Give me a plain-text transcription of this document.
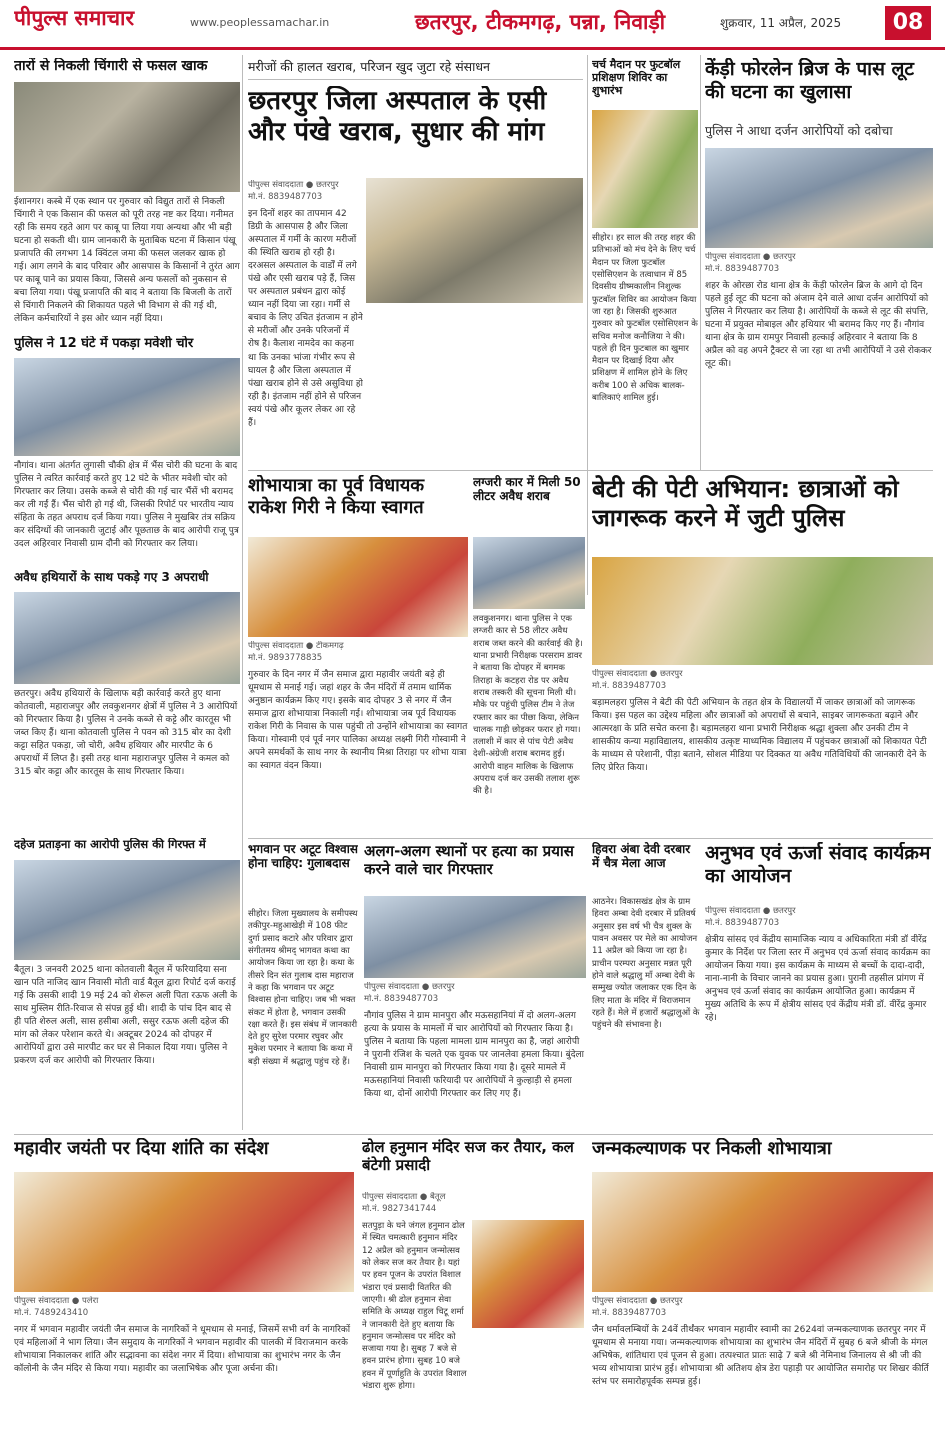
पीपुल्स समाचार	www.peoplessamachar.in	छतरपुर, टीकमगढ़, पन्ना, निवाड़ी	शुक्रवार, 11 अप्रैल, 2025	08
तारों से निकली चिंगारी से फसल खाक
ईशानगर। कस्बे में एक स्थान पर गुरुवार को विद्युत तारों से निकली चिंगारी ने एक किसान की फसल को पूरी तरह नष्ट कर दिया। गनीमत रही कि समय रहते आग पर काबू पा लिया गया अन्यथा और भी बड़ी घटना हो सकती थी। ग्राम जानकारी के मुताबिक घटना में किसान पंखू प्रजापति की लगभग 14 क्विंटल जमा की फसल जलकर खाक हो गई। आग लगने के बाद परिवार और आसपास के किसानों ने तुरंत आग पर काबू पाने का प्रयास किया, जिससे अन्य फसलों को नुकसान से बचा लिया गया। पंखू प्रजापति की बाद ने बताया कि बिजली के तारों से चिंगारी निकलने की शिकायत पहले भी विभाग से की गई थी, लेकिन कर्मचारियों ने इस ओर ध्यान नहीं दिया।
पुलिस ने 12 घंटे में पकड़ा मवेशी चोर
नौगांव। थाना अंतर्गत लुगासी चौकी क्षेत्र में भैंस चोरी की घटना के बाद पुलिस ने त्वरित कार्रवाई करते हुए 12 घंटे के भीतर मवेशी चोर को गिरफ्तार कर लिया। उसके कब्जे से चोरी की गई चार भैंसें भी बरामद कर ली गईं हैं। भैंस चोरी हो गई थी, जिसकी रिपोर्ट पर भारतीय न्याय संहिता के तहत अपराध दर्ज किया गया। पुलिस ने मुखबिर तंत्र सक्रिय कर संदिग्धों की जानकारी जुटाई और पूछताछ के बाद आरोपी राजू पुत्र उदल अहिरवार निवासी ग्राम दौनी को गिरफ्तार कर लिया।
अवैध हथियारों के साथ पकड़े गए 3 अपराधी
छतरपुर। अवैध हथियारों के खिलाफ बड़ी कार्रवाई करते हुए थाना कोतवाली, महाराजपुर और लवकुशनगर क्षेत्रों में पुलिस ने 3 आरोपियों को गिरफ्तार किया है। पुलिस ने उनके कब्जे से कट्टे और कारतूस भी जब्त किए हैं। थाना कोतवाली पुलिस ने पवन को 315 बोर का देशी कट्टा सहित पकड़ा, जो चोरी, अवैध हथियार और मारपीट के 6 अपराधों में लिप्त है। इसी तरह थाना महाराजपुर पुलिस ने कमल को 315 बोर कट्टा और कारतूस के साथ गिरफ्तार किया।
दहेज प्रताड़ना का आरोपी पुलिस की गिरफ्त में
बैतूल। 3 जनवरी 2025 थाना कोतवाली बैतूल में फरियादिया सना खान पति नाजिद खान निवासी मोती वार्ड बैतूल द्वारा रिपोर्ट दर्ज कराई गई कि उसकी शादी 19 मई 24 को शेरूल अली पिता रऊफ अली के साथ मुस्लिम रीति-रिवाज से संपन्न हुई थी। शादी के पांच दिन बाद से ही पति शेरुल अली, सास हसीबा अली, ससुर रऊफ अली दहेज की मांग को लेकर परेशान करते थे। अक्टूबर 2024 को दोपहर में आरोपियों द्वारा उसे मारपीट कर घर से निकाल दिया गया। पुलिस ने प्रकरण दर्ज कर आरोपी को गिरफ्तार किया।
मरीजों की हालत खराब, परिजन खुद जुटा रहे संसाधन
छतरपुर जिला अस्पताल के एसी और पंखे खराब, सुधार की मांग
पीपुल्स संवाददाता ● छतरपुर
मो.नं. 8839487703
इन दिनों शहर का तापमान 42 डिग्री के आसपास है और जिला अस्पताल में गर्मी के कारण मरीजों की स्थिति खराब हो रही है। दरअसल अस्पताल के वार्डों में लगे पंखे और एसी खराब पड़े हैं, जिस पर अस्पताल प्रबंधन द्वारा कोई ध्यान नहीं दिया जा रहा। गर्मी से बचाव के लिए उचित इंतजाम न होने से मरीजों और उनके परिजनों में रोष है। कैलाश नामदेव का कहना था कि उनका भांजा गंभीर रूप से घायल है और जिला अस्पताल में पंखा खराब होने से उसे असुविधा हो रही है। इंतजाम नहीं होने से परिजन स्वयं पंखे और कूलर लेकर आ रहे हैं।
चर्च मैदान पर फुटबॉल प्रशिक्षण शिविर का शुभारंभ
सीहोर। हर साल की तरह शहर की प्रतिभाओं को मंच देने के लिए चर्च मैदान पर जिला फुटबॉल एसोसिएशन के तत्वाधान में 85 दिवसीय ग्रीष्मकालीन निशुल्क फुटबॉल शिविर का आयोजन किया जा रहा है। जिसकी शुरुआत गुरुवार को फुटबॉल एसोसिएशन के सचिव मनोज कनौजिया ने की। पहले ही दिन फुटबाल का खुमार मैदान पर दिखाई दिया और प्रशिक्षण में शामिल होने के लिए करीब 100 से अधिक बालक-बालिकाएं शामिल हुई।
केंड़ी फोरलेन ब्रिज के पास लूट की घटना का खुलासा
पुलिस ने आधा दर्जन आरोपियों को दबोचा
पीपुल्स संवाददाता ● छतरपुर
मो.नं. 8839487703
शहर के ओरछा रोड थाना क्षेत्र के केंड़ी फोरलेन ब्रिज के आगे दो दिन पहले हुई लूट की घटना को अंजाम देने वाले आधा दर्जन आरोपियों को पुलिस ने गिरफ्तार कर लिया है। आरोपियों के कब्जे से लूट की संपत्ति, घटना में प्रयुक्त मोबाइल और हथियार भी बरामद किए गए हैं। नौगांव थाना क्षेत्र के ग्राम रामपुर निवासी हल्काई अहिरवार ने बताया कि 8 अप्रैल को वह अपने ट्रैक्टर से जा रहा था तभी आरोपियों ने उसे रोककर लूट की।
शोभायात्रा का पूर्व विधायक राकेश गिरी ने किया स्वागत
पीपुल्स संवाददाता ● टीकमगढ़
मो.नं. 9893778835
गुरुवार के दिन नगर में जैन समाज द्वारा महावीर जयंती बड़े ही धूमधाम से मनाई गई। जहां शहर के जैन मंदिरों में तमाम धार्मिक अनुष्ठान कार्यक्रम किए गए। इसके बाद दोपहर 3 से नगर में जैन समाज द्वारा शोभायात्रा निकाली गई। शोभायात्रा जब पूर्व विधायक राकेश गिरी के निवास के पास पहुंची तो उन्होंने शोभायात्रा का स्वागत किया। गोस्वामी एवं पूर्व नगर पालिका अध्यक्ष लक्ष्मी गिरी गोस्वामी ने अपने समर्थकों के साथ नगर के स्थानीय मिश्रा तिराहा पर शोभा यात्रा का स्वागत वंदन किया।
लग्जरी कार में मिली 50 लीटर अवैध शराब
लवकुशनगर। थाना पुलिस ने एक लग्जरी कार से 58 लीटर अवैध शराब जब्त करने की कार्रवाई की है। थाना प्रभारी निरीक्षक परसराम डावर ने बताया कि दोपहर में बगमक तिराहा के कटहरा रोड पर अवैध शराब तस्करी की सूचना मिली थी। मौके पर पहुंची पुलिस टीम ने तेज रफ्तार कार का पीछा किया, लेकिन चालक गाड़ी छोड़कर फरार हो गया। तलाशी में कार से पांच पेटी अवैध देशी-अंग्रेजी शराब बरामद हुई। आरोपी वाहन मालिक के खिलाफ अपराध दर्ज कर उसकी तलाश शुरू की है।
बेटी की पेटी अभियान: छात्राओं को जागरूक करने में जुटी पुलिस
पीपुल्स संवाददाता ● छतरपुर
मो.नं. 8839487703
बड़ामलहरा पुलिस ने बेटी की पेटी अभियान के तहत क्षेत्र के विद्यालयों में जाकर छात्राओं को जागरूक किया। इस पहल का उद्देश्य महिला और छात्राओं को अपराधों से बचाने, साइबर जागरूकता बढ़ाने और आत्मरक्षा के प्रति सचेत करना है। बड़ामलहरा थाना प्रभारी निरीक्षक श्रद्धा शुक्ला और उनकी टीम ने शासकीय कन्या महाविद्यालय, शासकीय उत्कृष्ट माध्यमिक विद्यालय में पहुंचकर छात्राओं को शिकायत पेटी के माध्यम से परेशानी, पीड़ा बताने, सोशल मीडिया पर दिक्कत या अवैध गतिविधियों की जानकारी देने के लिए प्रेरित किया।
भगवान पर अटूट विश्वास होना चाहिए: गुलाबदास
सीहोर। जिला मुख्यालय के समीपस्थ तकीपुर-महुआखेड़ी में 108 फीट दुर्गा प्रसाद कटारे और परिवार द्वारा संगीतमय श्रीमद् भागवत कथा का आयोजन किया जा रहा है। कथा के तीसरे दिन संत गुलाब दास महाराज ने कहा कि भगवान पर अटूट विश्वास होना चाहिए। जब भी भक्त संकट में होता है, भगवान उसकी रक्षा करते हैं। इस संबंध में जानकारी देते हुए सुरेश परमार रघुवर और मुकेश परमार ने बताया कि कथा में बड़ी संख्या में श्रद्धालु पहुंच रहे हैं।
अलग-अलग स्थानों पर हत्या का प्रयास करने वाले चार गिरफ्तार
पीपुल्स संवाददाता ● छतरपुर
मो.नं. 8839487703
नौगांव पुलिस ने ग्राम मानपुरा और मऊसहानियां में दो अलग-अलग हत्या के प्रयास के मामलों में चार आरोपियों को गिरफ्तार किया है। पुलिस ने बताया कि पहला मामला ग्राम मानपुरा का है, जहां आरोपी ने पुरानी रंजिश के चलते एक युवक पर जानलेवा हमला किया। बुंदेला निवासी ग्राम मानपुरा को गिरफ्तार किया गया है। दूसरे मामले में मऊसहानियां निवासी फरियादी पर आरोपियों ने कुल्हाड़ी से हमला किया था, दोनों आरोपी गिरफ्तार कर लिए गए हैं।
हिवरा अंबा देवी दरबार में चैत्र मेला आज
आठनेर। विकासखंड क्षेत्र के ग्राम हिवरा अम्बा देवी दरबार में प्रतिवर्ष अनुसार इस वर्ष भी चैत्र शुक्ल के पावन अवसर पर मेले का आयोजन 11 अप्रैल को किया जा रहा है। प्राचीन परम्परा अनुसार मन्नत पूरी होने वाले श्रद्धालु माँ अम्बा देवी के सम्मुख ज्योत जलाकर एक दिन के लिए माता के मंदिर में विराजमान रहते हैं। मेले में हजारों श्रद्धालुओं के पहुंचने की संभावना है।
अनुभव एवं ऊर्जा संवाद कार्यक्रम का आयोजन
पीपुल्स संवाददाता ● छतरपुर
मो.नं. 8839487703
क्षेत्रीय सांसद एवं केंद्रीय सामाजिक न्याय व अधिकारिता मंत्री डॉ वीरेंद्र कुमार के निर्देश पर जिला स्तर में अनुभव एवं ऊर्जा संवाद कार्यक्रम का आयोजन किया गया। इस कार्यक्रम के माध्यम से बच्चों के दादा-दादी, नाना-नानी के विचार जानने का प्रयास हुआ। पुरानी तहसील प्रांगण में अनुभव एवं ऊर्जा संवाद का कार्यक्रम आयोजित हुआ। कार्यक्रम में मुख्य अतिथि के रूप में क्षेत्रीय सांसद एवं केंद्रीय मंत्री डॉ. वीरेंद्र कुमार रहे।
महावीर जयंती पर दिया शांति का संदेश
पीपुल्स संवाददाता ● पलेरा
मो.नं. 7489243410
नगर में भगवान महावीर जयंती जैन समाज के नागरिकों ने धूमधाम से मनाई, जिसमें सभी वर्ग के नागरिकों एवं महिलाओं ने भाग लिया। जैन समुदाय के नागरिकों ने भगवान महावीर की पालकी में विराजमान करके शोभायात्रा निकालकर शांति और सद्भावना का संदेश नगर में दिया। शोभायात्रा का शुभारंभ नगर के जैन कॉलोनी के जैन मंदिर से किया गया। महावीर का जलाभिषेक और पूजा अर्चना की।
ढोल हनुमान मंदिर सज कर तैयार, कल बंटेगी प्रसादी
पीपुल्स संवाददाता ● बैतूल
मो.नं. 9827341744
सतपुड़ा के घने जंगल हनुमान ढोल में स्थित चमत्कारी हनुमान मंदिर 12 अप्रैल को हनुमान जन्मोत्सव को लेकर सज कर तैयार है। यहां पर हवन पूजन के उपरांत विशाल भंडारा एवं प्रसादी वितरित की जाएगी। श्री ढोल हनुमान सेवा समिति के अध्यक्ष राहुल चिटू शर्मा ने जानकारी देते हुए बताया कि हनुमान जन्मोत्सव पर मंदिर को सजाया गया है। सुबह 7 बजे से हवन प्रारंभ होगा। सुबह 10 बजे हवन में पूर्णाहुति के उपरांत विशाल भंडारा शुरू होगा।
जन्मकल्याणक पर निकली शोभायात्रा
पीपुल्स संवाददाता ● छतरपुर
मो.नं. 8839487703
जैन धर्मावलम्बियों के 24वें तीर्थंकर भगवान महावीर स्वामी का 2624वां जन्मकल्याणक छतरपुर नगर में धूमधाम से मनाया गया। जन्मकल्याणक शोभायात्रा का शुभारंभ जैन मंदिरों में सुबह 6 बजे श्रीजी के मंगल अभिषेक, शांतिधारा एवं पूजन से हुआ। तत्पश्चात प्रातः साढ़े 7 बजे श्री नेमिनाथ जिनालय से श्री जी की भव्य शोभायात्रा प्रारंभ हुई। शोभायात्रा श्री अतिशय क्षेत्र डेरा पहाड़ी पर आयोजित समारोह पर शिखर कीर्ति स्तंभ पर समारोहपूर्वक सम्पन्न हुई।
